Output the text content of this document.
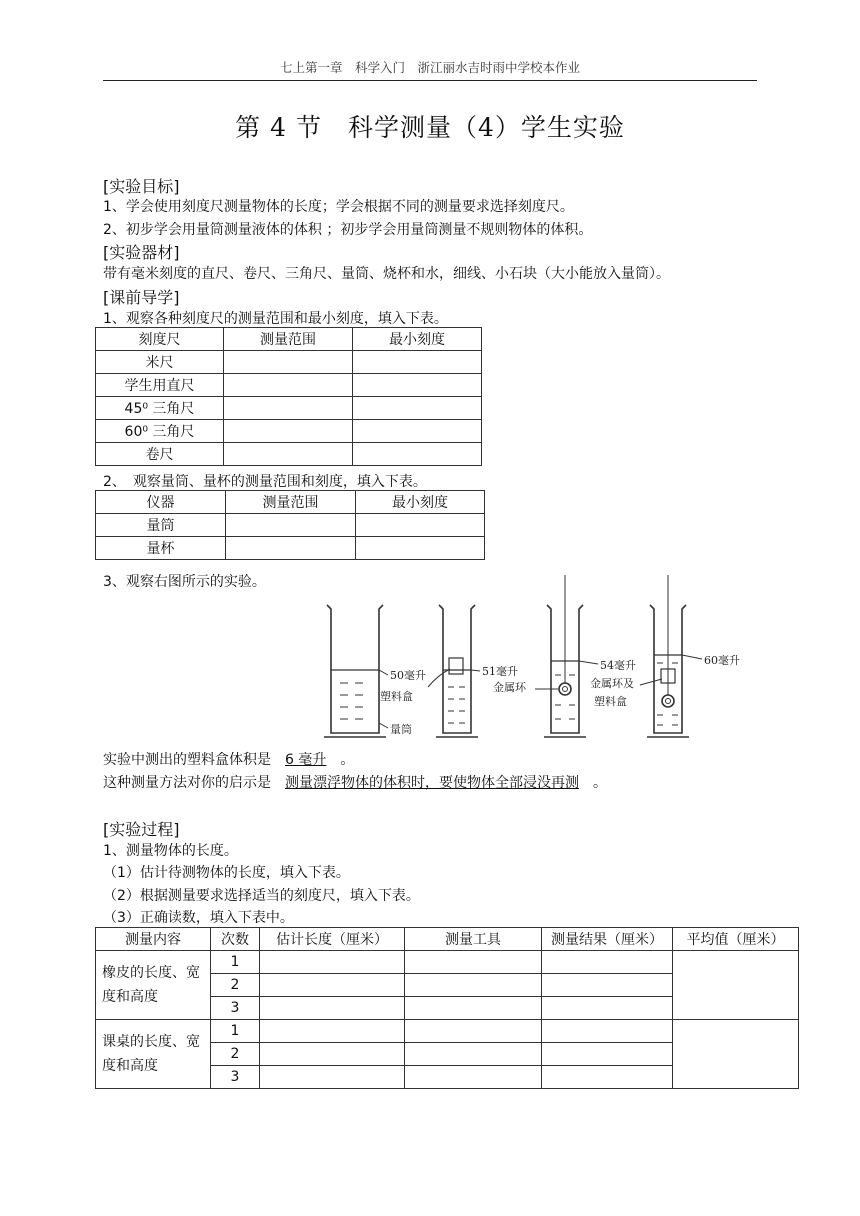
七上第一章　科学入门　浙江丽水吉时雨中学校本作业
第 4 节　科学测量（4）学生实验
[实验目标]
1、学会使用刻度尺测量物体的长度；学会根据不同的测量要求选择刻度尺。
2、初步学会用量筒测量液体的体积 ；初步学会用量筒测量不规则物体的体积。
[实验器材]
带有毫米刻度的直尺、卷尺、三角尺、量筒、烧杯和水，细线、小石块（大小能放入量筒）。
[课前导学]
1、观察各种刻度尺的测量范围和最小刻度，填入下表。
刻度尺	测量范围	最小刻度
米尺		
学生用直尺		
45⁰ 三角尺		
60⁰ 三角尺		
卷尺		
2、　观察量筒、量杯的测量范围和刻度，填入下表。
仪器	测量范围	最小刻度
量筒		
量杯		
3、观察右图所示的实验。
50毫升
量筒
51毫升
塑料盒
54毫升
金属环
60毫升
金属环及
塑料盒
实验中测出的塑料盒体积是 6 毫升 。
这种测量方法对你的启示是 测量漂浮物体的体积时，要使物体全部浸没再测 。
[实验过程]
1、测量物体的长度。
（1）估计待测物体的长度，填入下表。
（2）根据测量要求选择适当的刻度尺，填入下表。
（3）正确读数，填入下表中。
测量内容	次数	估计长度（厘米）	测量工具	测量结果（厘米）	平均值（厘米）
橡皮的长度、宽度和高度	1				
	2				
	3				
课桌的长度、宽度和高度	1				
	2				
	3				
